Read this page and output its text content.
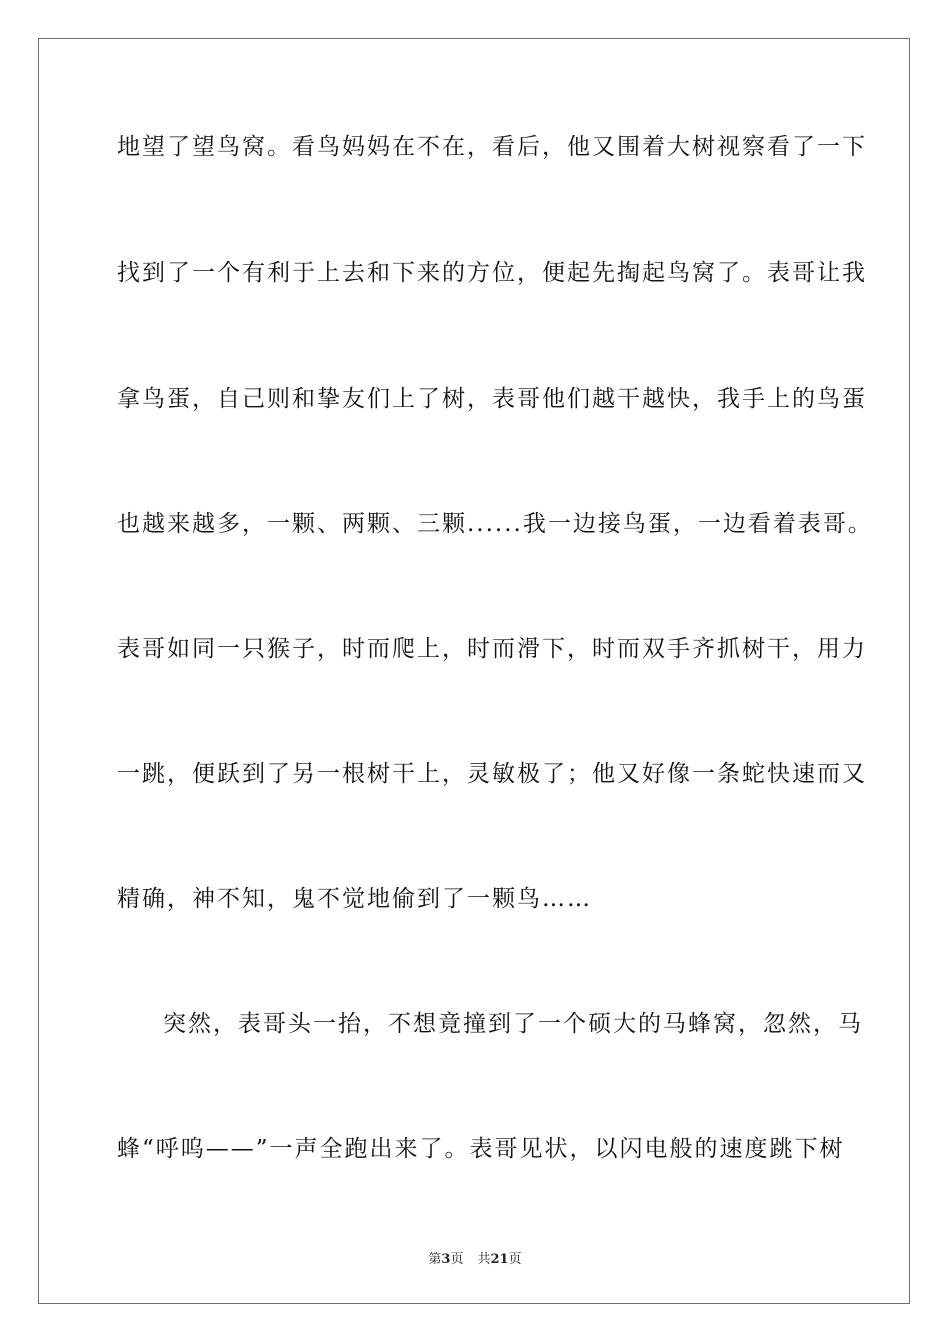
地望了望鸟窝。看鸟妈妈在不在，看后，他又围着大树视察看了一下
找到了一个有利于上去和下来的方位，便起先掏起鸟窝了。表哥让我
拿鸟蛋，自己则和挚友们上了树，表哥他们越干越快，我手上的鸟蛋
也越来越多，一颗、两颗、三颗......我一边接鸟蛋，一边看着表哥。
表哥如同一只猴子，时而爬上，时而滑下，时而双手齐抓树干，用力
一跳，便跃到了另一根树干上，灵敏极了；他又好像一条蛇快速而又
精确，神不知，鬼不觉地偷到了一颗鸟……
突然，表哥头一抬，不想竟撞到了一个硕大的马蜂窝，忽然，马
蜂“呼呜——”一声全跑出来了。表哥见状，以闪电般的速度跳下树
第3页 共21页
